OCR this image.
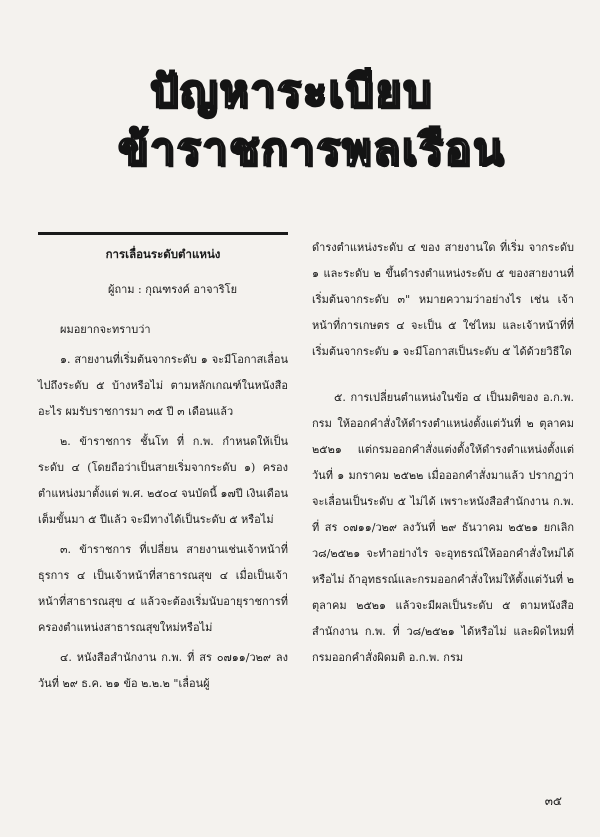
ปัญหาระเบียบ
ข้าราชการพลเรือน
การเลื่อนระดับตำแหน่ง
ผู้ถาม : กุณฑรงค์ อาจาริโย
ผมอยากจะทราบว่า
๑. สายงานที่เริ่มต้นจากระดับ ๑ จะมีโอกาสเลื่อนไปถึงระดับ ๕ บ้างหรือไม่ ตามหลักเกณฑ์ในหนังสืออะไร ผมรับราชการมา ๓๕ ปี ๓ เดือนแล้ว
๒. ข้าราชการ ชั้นโท ที่ ก.พ. กำหนดให้เป็นระดับ ๔ (โดยถือว่าเป็นสายเริ่มจากระดับ ๑) ครองตำแหน่งมาตั้งแต่ พ.ศ. ๒๕๐๔ จนบัดนี้ ๑๗ปี เงินเดือนเต็มขั้นมา ๕ ปีแล้ว จะมีทางได้เป็นระดับ ๕ หรือไม่
๓. ข้าราชการ ที่เปลี่ยน สายงานเช่นเจ้าหน้าที่ธุรการ ๔ เป็นเจ้าหน้าที่สาธารณสุข ๔ เมื่อเป็นเจ้าหน้าที่สาธารณสุข ๔ แล้วจะต้องเริ่มนับอายุราชการที่ครองตำแหน่งสาธารณสุขใหม่หรือไม่
๔. หนังสือสำนักงาน ก.พ. ที่ สร ๐๗๑๑/ว๒๙ ลงวันที่ ๒๙ ธ.ค. ๒๑ ข้อ ๒.๒.๒ "เลื่อนผู้
ดำรงตำแหน่งระดับ ๔ ของ สายงานใด ที่เริ่ม จากระดับ ๑ และระดับ ๒ ขึ้นดำรงตำแหน่งระดับ ๕ ของสายงานที่เริ่มต้นจากระดับ ๓" หมายความว่าอย่างไร เช่น เจ้าหน้าที่การเกษตร ๔ จะเป็น ๕ ใช่ไหม และเจ้าหน้าที่ที่เริ่มต้นจากระดับ ๑ จะมีโอกาสเป็นระดับ ๕ ได้ด้วยวิธีใด
๕. การเปลี่ยนตำแหน่งในข้อ ๔ เป็นมติของ อ.ก.พ. กรม ให้ออกคำสั่งให้ดำรงตำแหน่งตั้งแต่วันที่ ๒ ตุลาคม ๒๕๒๑ แต่กรมออกคำสั่งแต่งตั้งให้ดำรงตำแหน่งตั้งแต่วันที่ ๑ มกราคม ๒๕๒๒ เมื่อออกคำสั่งมาแล้ว ปรากฏว่าจะเลื่อนเป็นระดับ ๕ ไม่ได้ เพราะหนังสือสำนักงาน ก.พ. ที่ สร ๐๗๑๑/ว๒๙ ลงวันที่ ๒๙ ธันวาคม ๒๕๒๑ ยกเลิก ว๘/๒๕๒๑ จะทำอย่างไร จะอุทธรณ์ให้ออกคำสั่งใหม่ได้หรือไม่ ถ้าอุทธรณ์และกรมออกคำสั่งใหม่ให้ตั้งแต่วันที่ ๒ ตุลาคม ๒๕๒๑ แล้วจะมีผลเป็นระดับ ๕ ตามหนังสือสำนักงาน ก.พ. ที่ ว๘/๒๕๒๑ ได้หรือไม่ และผิดไหมที่กรมออกคำสั่งผิดมติ อ.ก.พ. กรม
๓๕
